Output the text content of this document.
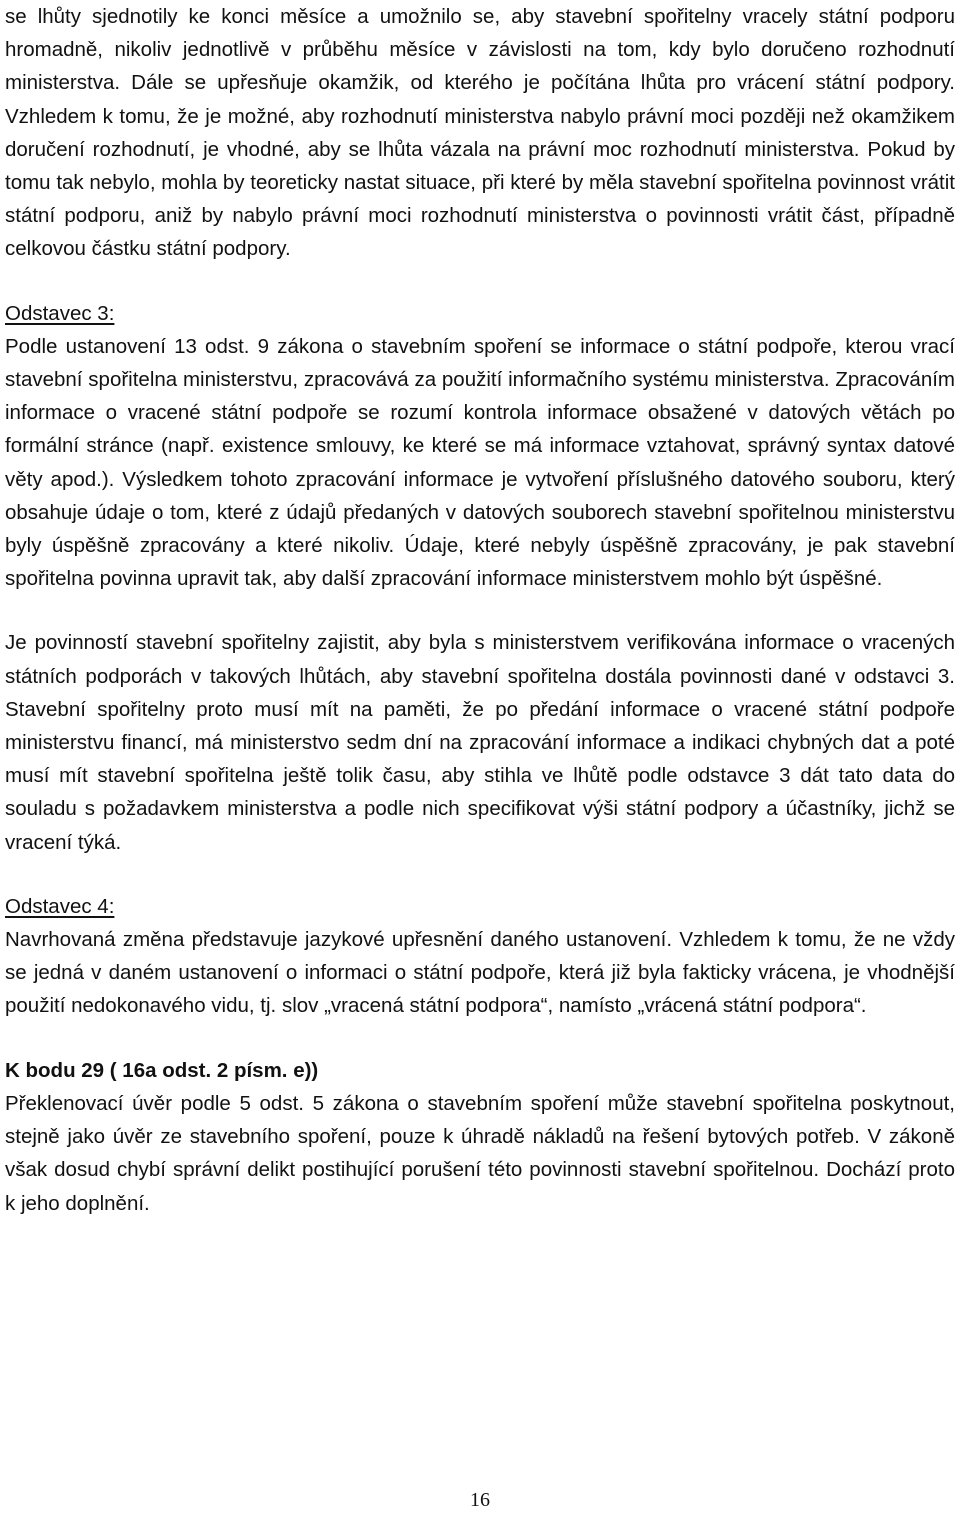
se lhůty sjednotily ke konci měsíce a umožnilo se, aby stavební spořitelny vracely státní podporu hromadně, nikoliv jednotlivě v průběhu měsíce v závislosti na tom, kdy bylo doručeno rozhodnutí ministerstva. Dále se upřesňuje okamžik, od kterého je počítána lhůta pro vrácení státní podpory. Vzhledem k tomu, že je možné, aby rozhodnutí ministerstva nabylo právní moci později než okamžikem doručení rozhodnutí, je vhodné, aby se lhůta vázala na právní moc rozhodnutí ministerstva. Pokud by tomu tak nebylo, mohla by teoreticky nastat situace, při které by měla stavební spořitelna povinnost vrátit státní podporu, aniž by nabylo právní moci rozhodnutí ministerstva o povinnosti vrátit část, případně celkovou částku státní podpory.

Odstavec 3:

Podle ustanovení 13 odst. 9 zákona o stavebním spoření se informace o státní podpoře, kterou vrací stavební spořitelna ministerstvu, zpracovává za použití informačního systému ministerstva. Zpracováním informace o vracené státní podpoře se rozumí kontrola informace obsažené v datových větách po formální stránce (např. existence smlouvy, ke které se má informace vztahovat, správný syntax datové věty apod.). Výsledkem tohoto zpracování informace je vytvoření příslušného datového souboru, který obsahuje údaje o tom, které z údajů předaných v datových souborech stavební spořitelnou ministerstvu byly úspěšně zpracovány a které nikoliv. Údaje, které nebyly úspěšně zpracovány, je pak stavební spořitelna povinna upravit tak, aby další zpracování informace ministerstvem mohlo být úspěšné.

Je povinností stavební spořitelny zajistit, aby byla s ministerstvem verifikována informace o vracených státních podporách v takových lhůtách, aby stavební spořitelna dostála povinnosti dané v odstavci 3. Stavební spořitelny proto musí mít na paměti, že po předání informace o vracené státní podpoře ministerstvu financí, má ministerstvo sedm dní na zpracování informace a indikaci chybných dat a poté musí mít stavební spořitelna ještě tolik času, aby stihla ve lhůtě podle odstavce 3 dát tato data do souladu s požadavkem ministerstva a podle nich specifikovat výši státní podpory a účastníky, jichž se vracení týká.

Odstavec 4:

Navrhovaná změna představuje jazykové upřesnění daného ustanovení. Vzhledem k tomu, že ne vždy se jedná v daném ustanovení o informaci o státní podpoře, která již byla fakticky vrácena, je vhodnější použití nedokonavého vidu, tj. slov „vracená státní podpora“, namísto „vrácená státní podpora“.

K bodu 29 ( 16a odst. 2 písm. e))

Překlenovací úvěr podle 5 odst. 5 zákona o stavebním spoření může stavební spořitelna poskytnout, stejně jako úvěr ze stavebního spoření, pouze k úhradě nákladů na řešení bytových potřeb. V zákoně však dosud chybí správní delikt postihující porušení této povinnosti stavební spořitelnou. Dochází proto k jeho doplnění.

16
